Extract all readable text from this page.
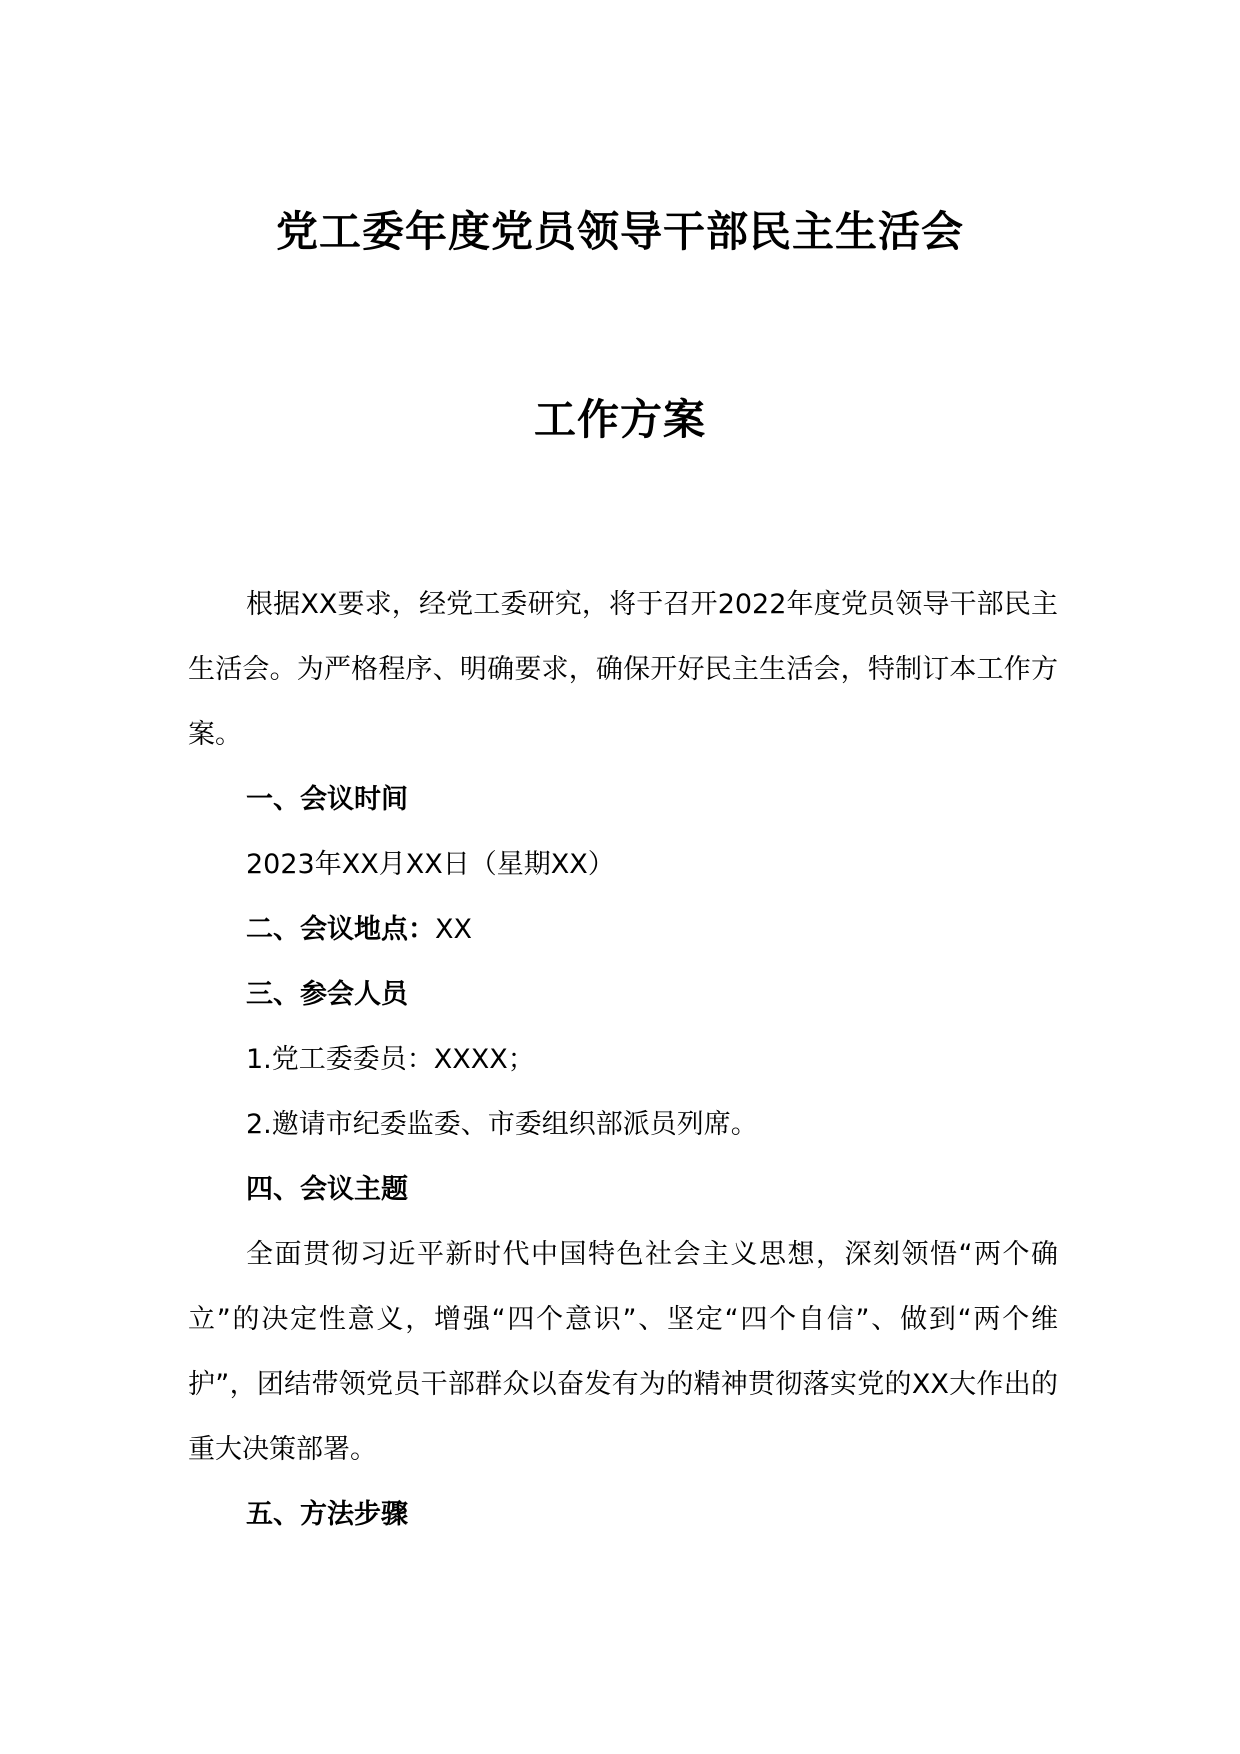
党工委年度党员领导干部民主生活会
工作方案

根据XX要求，经党工委研究，将于召开2022年度党员领导干部民主生活会。为严格程序、明确要求，确保开好民主生活会，特制订本工作方案。

一、会议时间

2023年XX月XX日（星期XX）

二、会议地点：XX

三、参会人员

1.党工委委员：XXXX；

2.邀请市纪委监委、市委组织部派员列席。

四、会议主题

全面贯彻习近平新时代中国特色社会主义思想，深刻领悟“两个确立”的决定性意义，增强“四个意识”、坚定“四个自信”、做到“两个维护”，团结带领党员干部群众以奋发有为的精神贯彻落实党的XX大作出的重大决策部署。

五、方法步骤
